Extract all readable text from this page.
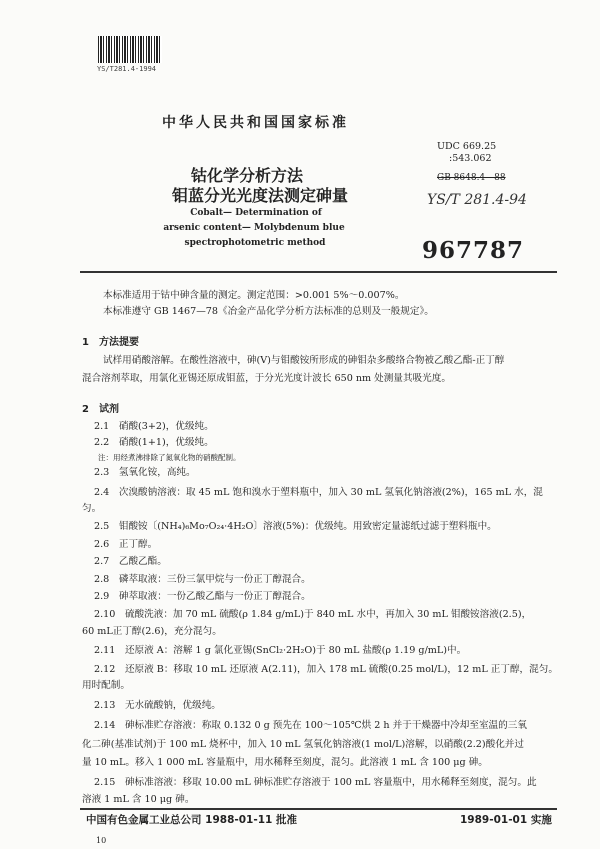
YS/T281.4-1994
中华人民共和国国家标准
钴化学分析方法
钼蓝分光光度法测定砷量
Cobalt— Determination of
arsenic content— Molybdenum blue
spectrophotometric method
UDC 669.25
:543.062
GB 8648.4—88
YS/T 281.4-94
967787
本标准适用于钴中砷含量的测定。测定范围：>0.001 5%～0.007%。
本标准遵守 GB 1467—78《冶金产品化学分析方法标准的总则及一般规定》。
1　方法提要
试样用硝酸溶解。在酸性溶液中，砷(Ⅴ)与钼酸铵所形成的砷钼杂多酸络合物被乙酸乙酯-正丁醇
混合溶剂萃取，用氯化亚锡还原成钼蓝，于分光光度计波长 650 nm 处测量其吸光度。
2　试剂
2.1　硝酸(3+2)，优级纯。
2.2　硝酸(1+1)，优级纯。
注：用经煮沸排除了氮氧化物的硝酸配制。
2.3　氢氧化铵，高纯。
2.4　次溴酸钠溶液：取 45 mL 饱和溴水于塑料瓶中，加入 30 mL 氢氧化钠溶液(2%)，165 mL 水，混
匀。
2.5　钼酸铵〔(NH₄)₆Mo₇O₂₄·4H₂O〕溶液(5%)：优级纯。用致密定量滤纸过滤于塑料瓶中。
2.6　正丁醇。
2.7　乙酸乙酯。
2.8　磷萃取液：三份三氯甲烷与一份正丁醇混合。
2.9　砷萃取液：一份乙酸乙酯与一份正丁醇混合。
2.10　硫酸洗液：加 70 mL 硫酸(ρ 1.84 g/mL)于 840 mL 水中，再加入 30 mL 钼酸铵溶液(2.5)，
60 mL正丁醇(2.6)，充分混匀。
2.11　还原液 A：溶解 1 g 氯化亚锡(SnCl₂·2H₂O)于 80 mL 盐酸(ρ 1.19 g/mL)中。
2.12　还原液 B：移取 10 mL 还原液 A(2.11)，加入 178 mL 硫酸(0.25 mol/L)，12 mL 正丁醇，混匀。
用时配制。
2.13　无水硫酸钠，优级纯。
2.14　砷标准贮存溶液：称取 0.132 0 g 预先在 100～105℃烘 2 h 并于干燥器中冷却至室温的三氧
化二砷(基准试剂)于 100 mL 烧杯中，加入 10 mL 氢氧化钠溶液(1 mol/L)溶解，以硝酸(2.2)酸化并过
量 10 mL。移入 1 000 mL 容量瓶中，用水稀释至刻度，混匀。此溶液 1 mL 含 100 μg 砷。
2.15　砷标准溶液：移取 10.00 mL 砷标准贮存溶液于 100 mL 容量瓶中，用水稀释至刻度，混匀。此
溶液 1 mL 含 10 μg 砷。
中国有色金属工业总公司 1988-01-11 批准	1989-01-01 实施
10
